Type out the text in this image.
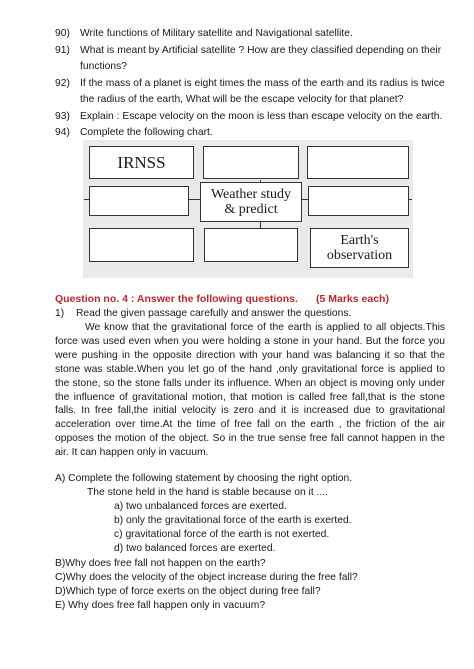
90) Write functions of Military satellite and Navigational satellite.
91) What is meant by Artificial satellite ? How are they classified depending on their
functions?
92) If the mass of a planet is eight times the mass of the earth and its radius is twice
the radius of the earth, What will be the escape velocity for that planet?
93) Explain : Escape velocity on the moon is less than escape velocity on the earth.
94) Complete the following chart.
IRNSS
Weather study
& predict
Earth's
observation
Question no. 4 : Answer the following questions. (5 Marks each)
1) Read the given passage carefully and answer the questions.
We know that the gravitational force of the earth is applied to all objects.This force was used even when you were holding a stone in your hand. But the force you were pushing in the opposite direction with your hand was balancing it so that the stone was stable.When you let go of the hand ,only gravitational force is applied to the stone, so the stone falls under its influence. When an object is moving only under the influence of gravitational motion, that motion is called free fall,that is the stone falls. In free fall,the initial velocity is zero and it is increased due to gravitational acceleration over time.At the time of free fall on the earth , the friction of the air opposes the motion of the object. So in the true sense free fall cannot happen in the air. It can happen only in vacuum.
A) Complete the following statement by choosing the right option.
The stone held in the hand is stable because on it ....
a) two unbalanced forces are exerted.
b) only the gravitational force of the earth is exerted.
c) gravitational force of the earth is not exerted.
d) two balanced forces are exerted.
B)Why does free fall not happen on the earth?
C)Why does the velocity of the object increase during the free fall?
D)Which type of force exerts on the object during free fall?
E) Why does free fall happen only in vacuum?
